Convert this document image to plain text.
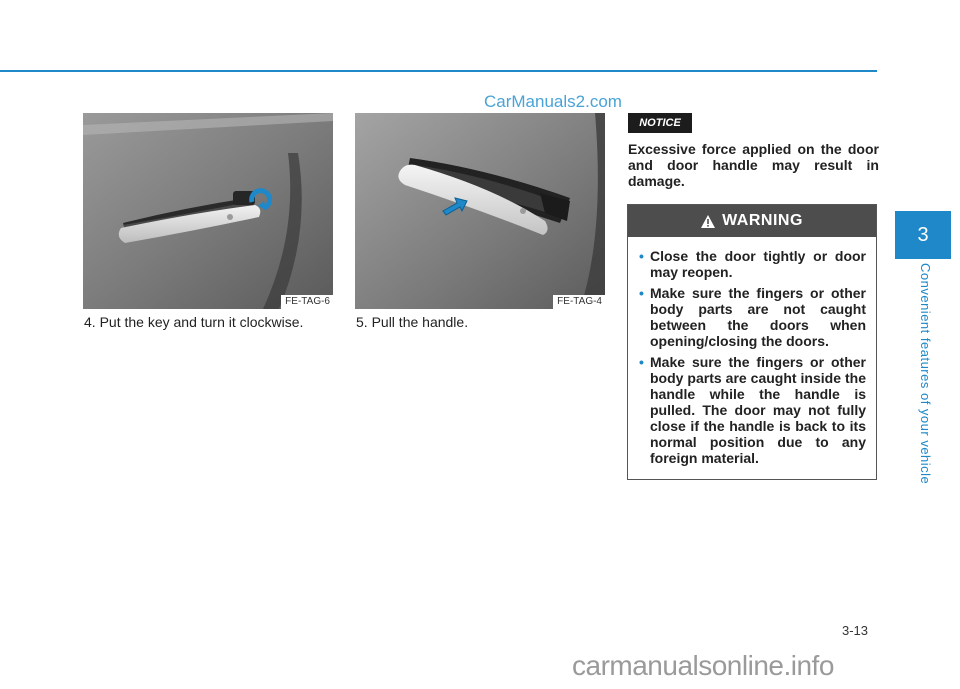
CarManuals2.com
FE-TAG-6
4. Put the key and turn it clockwise.
FE-TAG-4
5. Pull the handle.
NOTICE
Excessive force applied on the door and door handle may result in damage.
WARNING
• Close the door tightly or door may reopen.
• Make sure the fingers or other body parts are not caught between the doors when opening/closing the doors.
• Make sure the fingers or other body parts are caught inside the handle while the handle is pulled. The door may not fully close if the handle is back to its normal position due to any foreign material.
3
Convenient features of your vehicle
3-13
carmanualsonline.info
